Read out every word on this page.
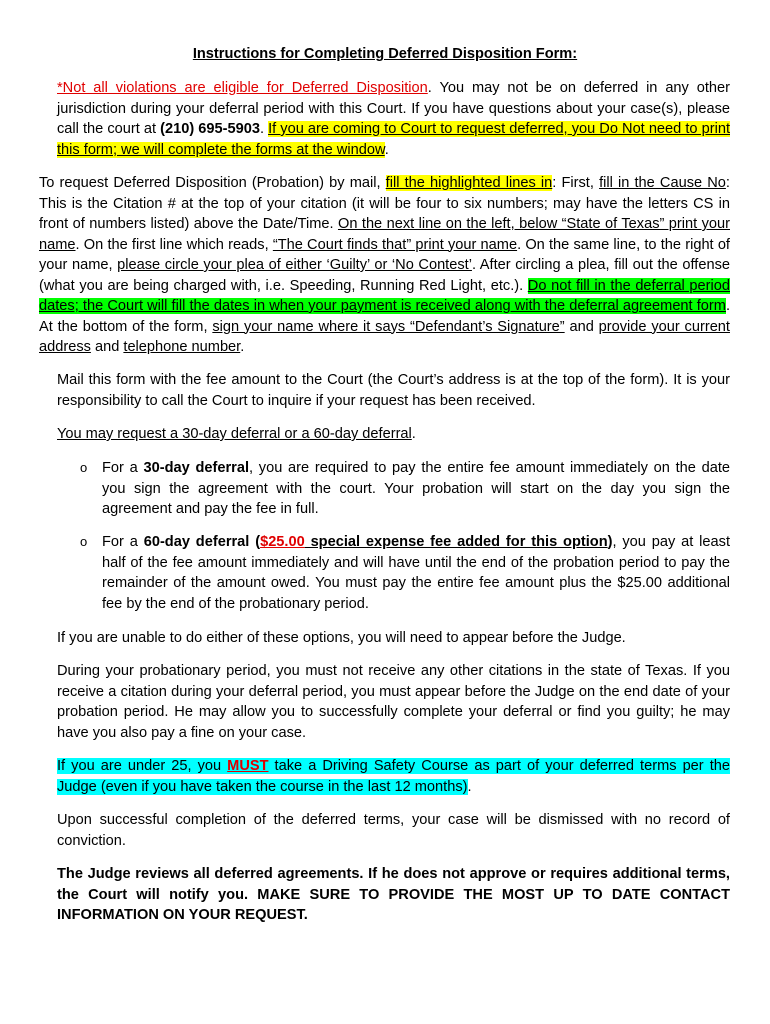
Instructions for Completing Deferred Disposition Form:
*Not all violations are eligible for Deferred Disposition. You may not be on deferred in any other jurisdiction during your deferral period with this Court. If you have questions about your case(s), please call the court at (210) 695-5903. If you are coming to Court to request deferred, you Do Not need to print this form; we will complete the forms at the window.
To request Deferred Disposition (Probation) by mail, fill the highlighted lines in: First, fill in the Cause No: This is the Citation # at the top of your citation (it will be four to six numbers; may have the letters CS in front of numbers listed) above the Date/Time. On the next line on the left, below “State of Texas” print your name. On the first line which reads, “The Court finds that” print your name. On the same line, to the right of your name, please circle your plea of either ‘Guilty’ or ‘No Contest’. After circling a plea, fill out the offense (what you are being charged with, i.e. Speeding, Running Red Light, etc.). Do not fill in the deferral period dates; the Court will fill the dates in when your payment is received along with the deferral agreement form. At the bottom of the form, sign your name where it says “Defendant’s Signature” and provide your current address and telephone number.
Mail this form with the fee amount to the Court (the Court’s address is at the top of the form). It is your responsibility to call the Court to inquire if your request has been received.
You may request a 30-day deferral or a 60-day deferral.
o For a 30-day deferral, you are required to pay the entire fee amount immediately on the date you sign the agreement with the court. Your probation will start on the day you sign the agreement and pay the fee in full.
o For a 60-day deferral ($25.00 special expense fee added for this option), you pay at least half of the fee amount immediately and will have until the end of the probation period to pay the remainder of the amount owed. You must pay the entire fee amount plus the $25.00 additional fee by the end of the probationary period.
If you are unable to do either of these options, you will need to appear before the Judge.
During your probationary period, you must not receive any other citations in the state of Texas. If you receive a citation during your deferral period, you must appear before the Judge on the end date of your probation period. He may allow you to successfully complete your deferral or find you guilty; he may have you also pay a fine on your case.
If you are under 25, you MUST take a Driving Safety Course as part of your deferred terms per the Judge (even if you have taken the course in the last 12 months).
Upon successful completion of the deferred terms, your case will be dismissed with no record of conviction.
The Judge reviews all deferred agreements. If he does not approve or requires additional terms, the Court will notify you. MAKE SURE TO PROVIDE THE MOST UP TO DATE CONTACT INFORMATION ON YOUR REQUEST.
